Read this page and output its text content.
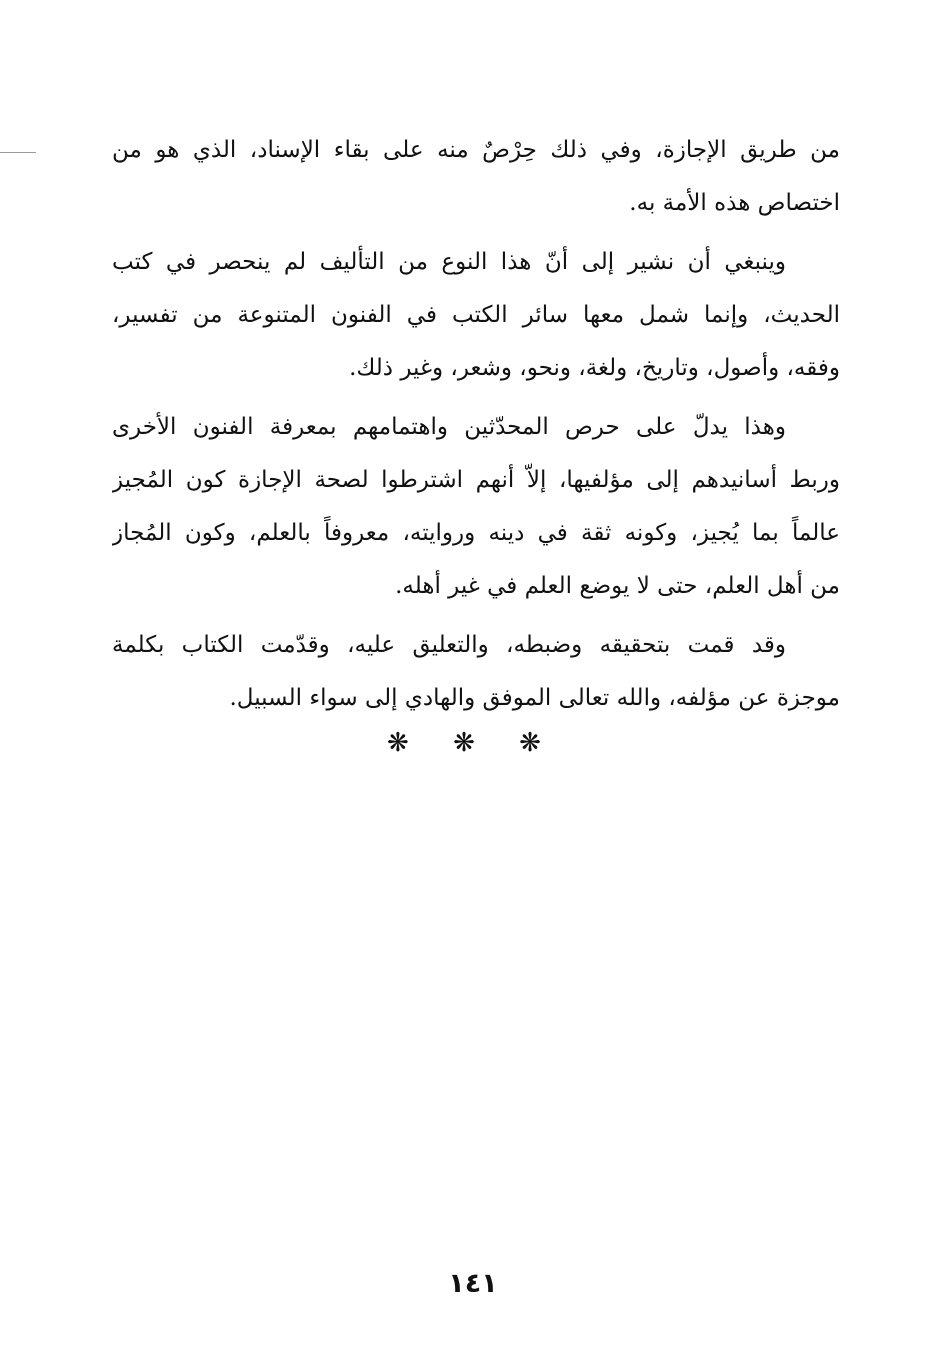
من طريق الإجازة، وفي ذلك حِرْصٌ منه على بقاء الإسناد، الذي هو من
اختصاص هذه الأمة به.
وينبغي أن نشير إلى أنّ هذا النوع من التأليف لم ينحصر في كتب
الحديث، وإنما شمل معها سائر الكتب في الفنون المتنوعة من تفسير،
وفقه، وأصول، وتاريخ، ولغة، ونحو، وشعر، وغير ذلك.
وهذا يدلّ على حرص المحدّثين واهتمامهم بمعرفة الفنون الأخرى
وربط أسانيدهم إلى مؤلفيها، إلاّ أنهم اشترطوا لصحة الإجازة كون المُجيز
عالماً بما يُجيز، وكونه ثقة في دينه وروايته، معروفاً بالعلم، وكون المُجاز
من أهل العلم، حتى لا يوضع العلم في غير أهله.
وقد قمت بتحقيقه وضبطه، والتعليق عليه، وقدّمت الكتاب بكلمة
موجزة عن مؤلفه، والله تعالى الموفق والهادي إلى سواء السبيل.
❋ ❋ ❋
١٤١
